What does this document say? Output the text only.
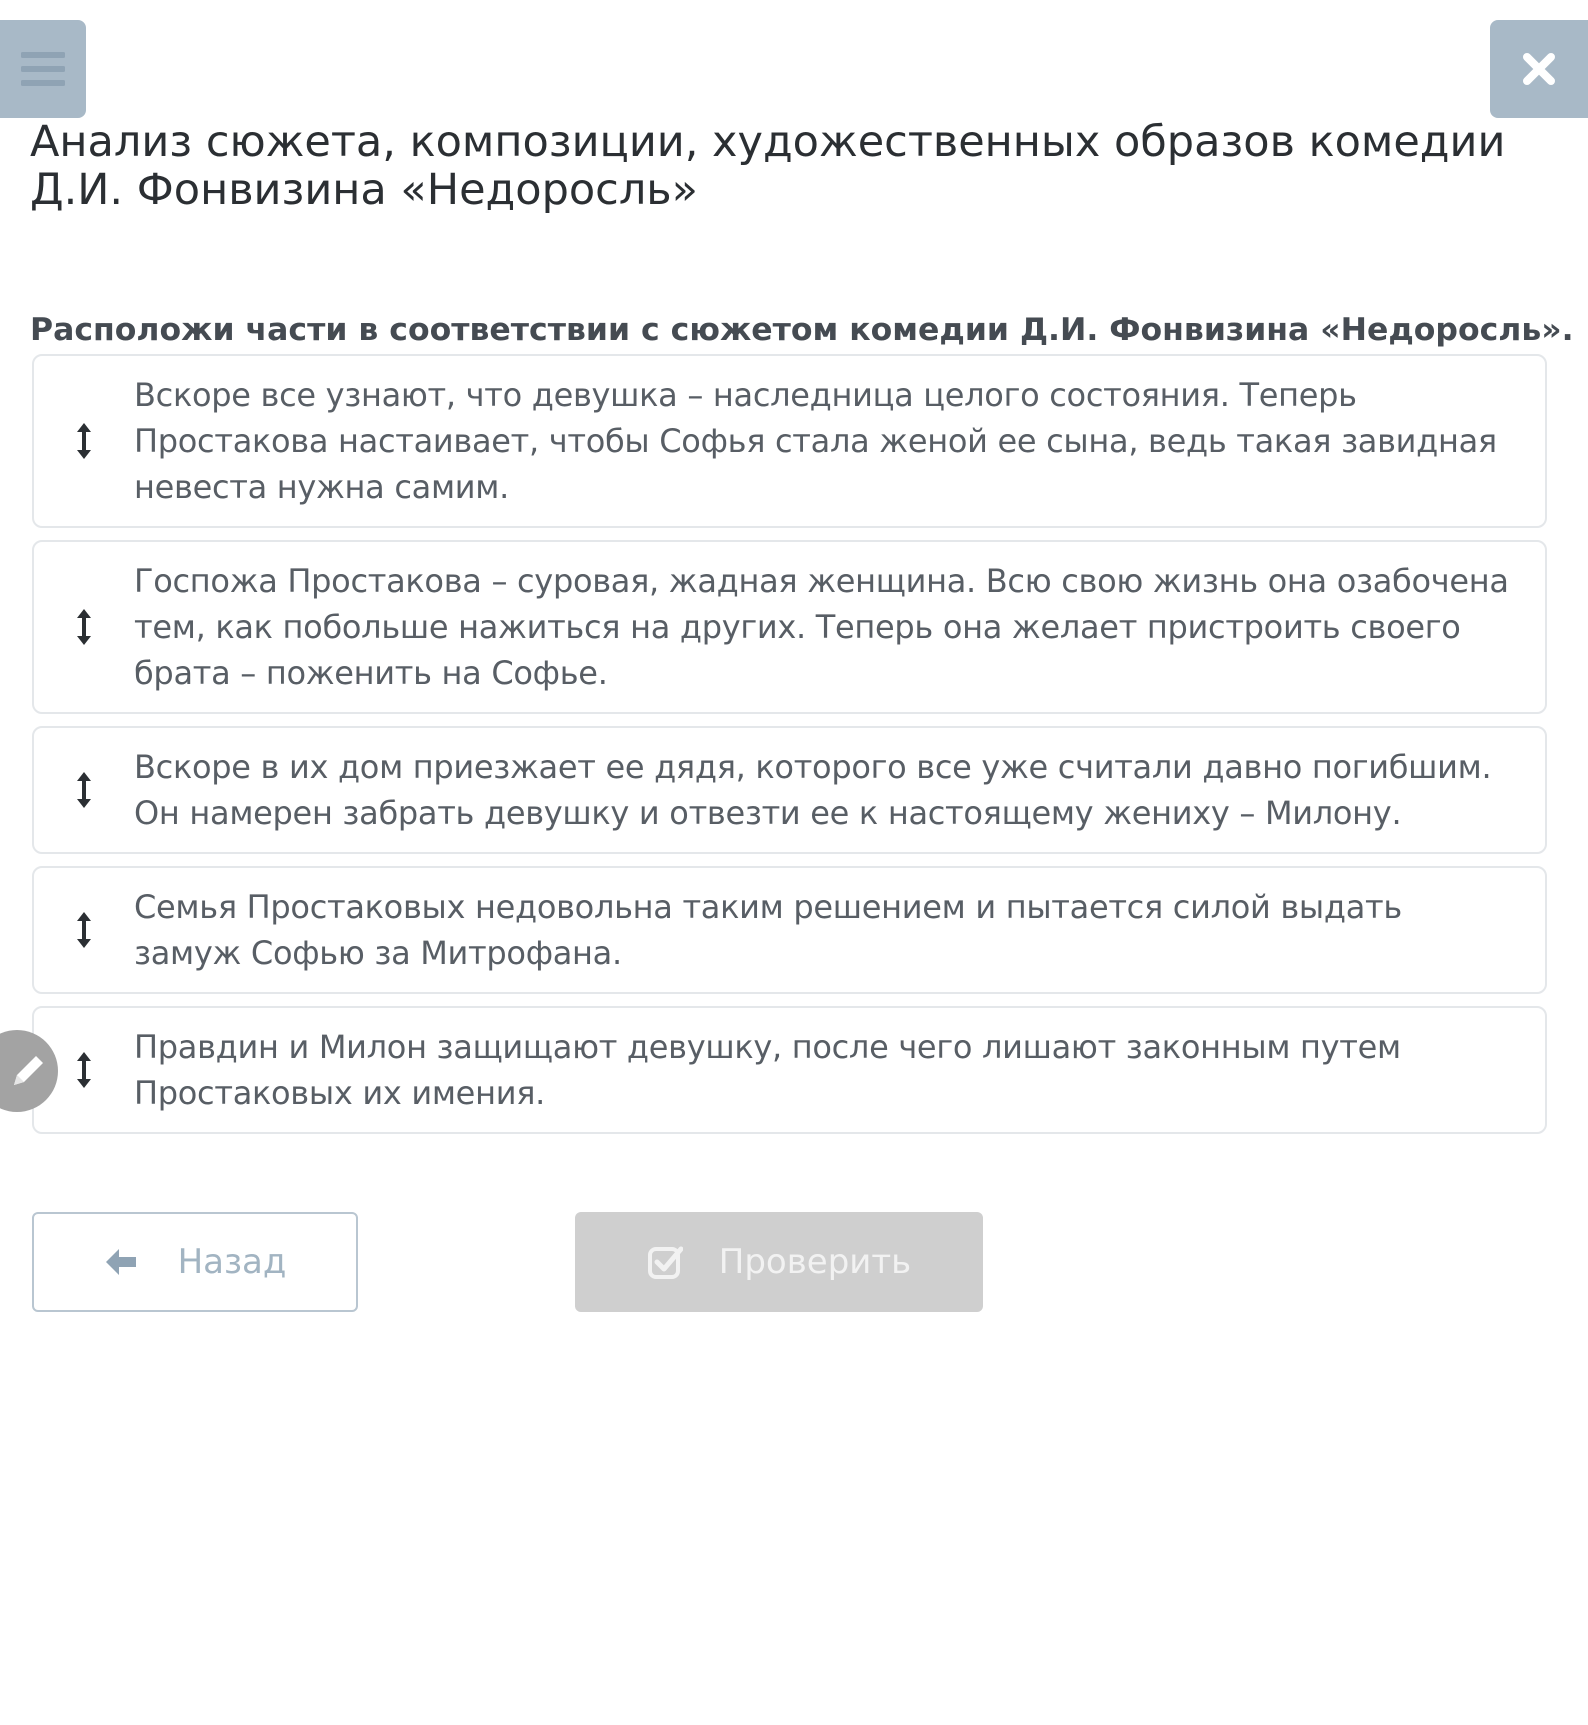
Анализ сюжета, композиции, художественных образов комедии Д.И. Фонвизина «Недоросль»

Расположи части в соответствии с сюжетом комедии Д.И. Фонвизина «Недоросль».

Вскоре все узнают, что девушка – наследница целого состояния. Теперь Простакова настаивает, чтобы Софья стала женой ее сына, ведь такая завидная невеста нужна самим.
Госпожа Простакова – суровая, жадная женщина. Всю свою жизнь она озабочена тем, как побольше нажиться на других. Теперь она желает пристроить своего брата – поженить на Софье.
Вскоре в их дом приезжает ее дядя, которого все уже считали давно погибшим. Он намерен забрать девушку и отвезти ее к настоящему жениху – Милону.
Семья Простаковых недовольна таким решением и пытается силой выдать замуж Софью за Митрофана.
Правдин и Милон защищают девушку, после чего лишают законным путем Простаковых их имения.
Назад	Проверить
